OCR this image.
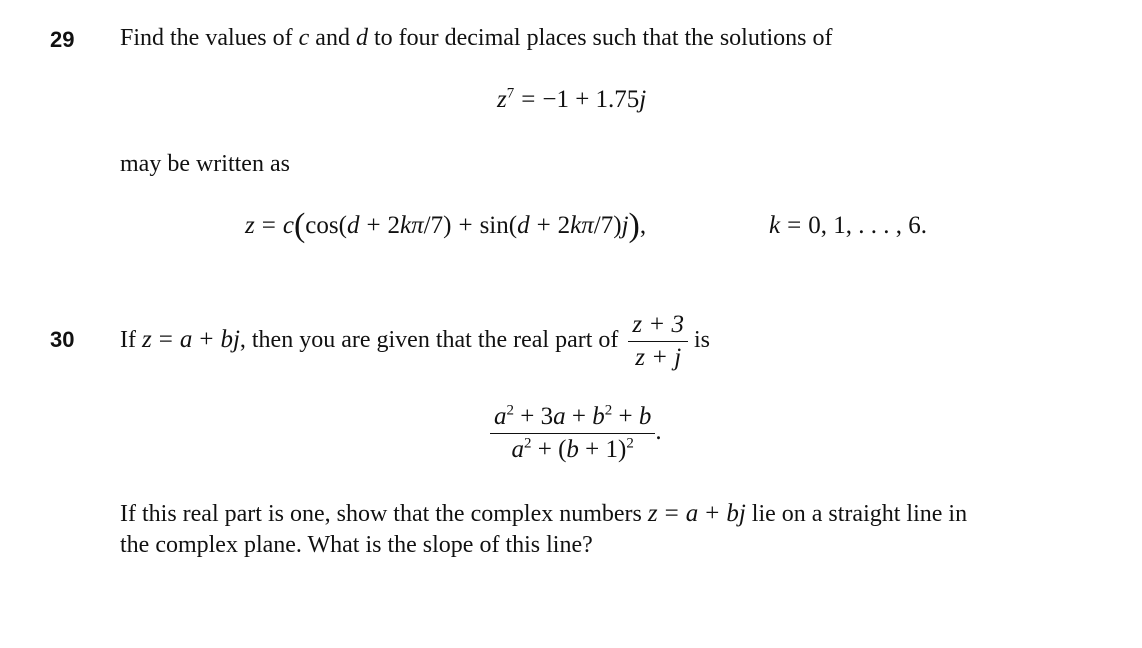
29 Find the values of c and d to four decimal places such that the solutions of
$z^7 = -1 + 1.75j$
may be written as
z = c(cos(d + 2kπ/7) + sin(d + 2kπ/7)j),	k = 0, 1, . . . , 6.
30 If z = a + bj, then you are given that the real part of $\frac{z + 3}{z + j}$ is
$\frac{a^2 + 3a + b^2 + b}{a^2 + (b + 1)^2}$ .
If this real part is one, show that the complex numbers z = a + bj lie on a straight line in
the complex plane. What is the slope of this line?
